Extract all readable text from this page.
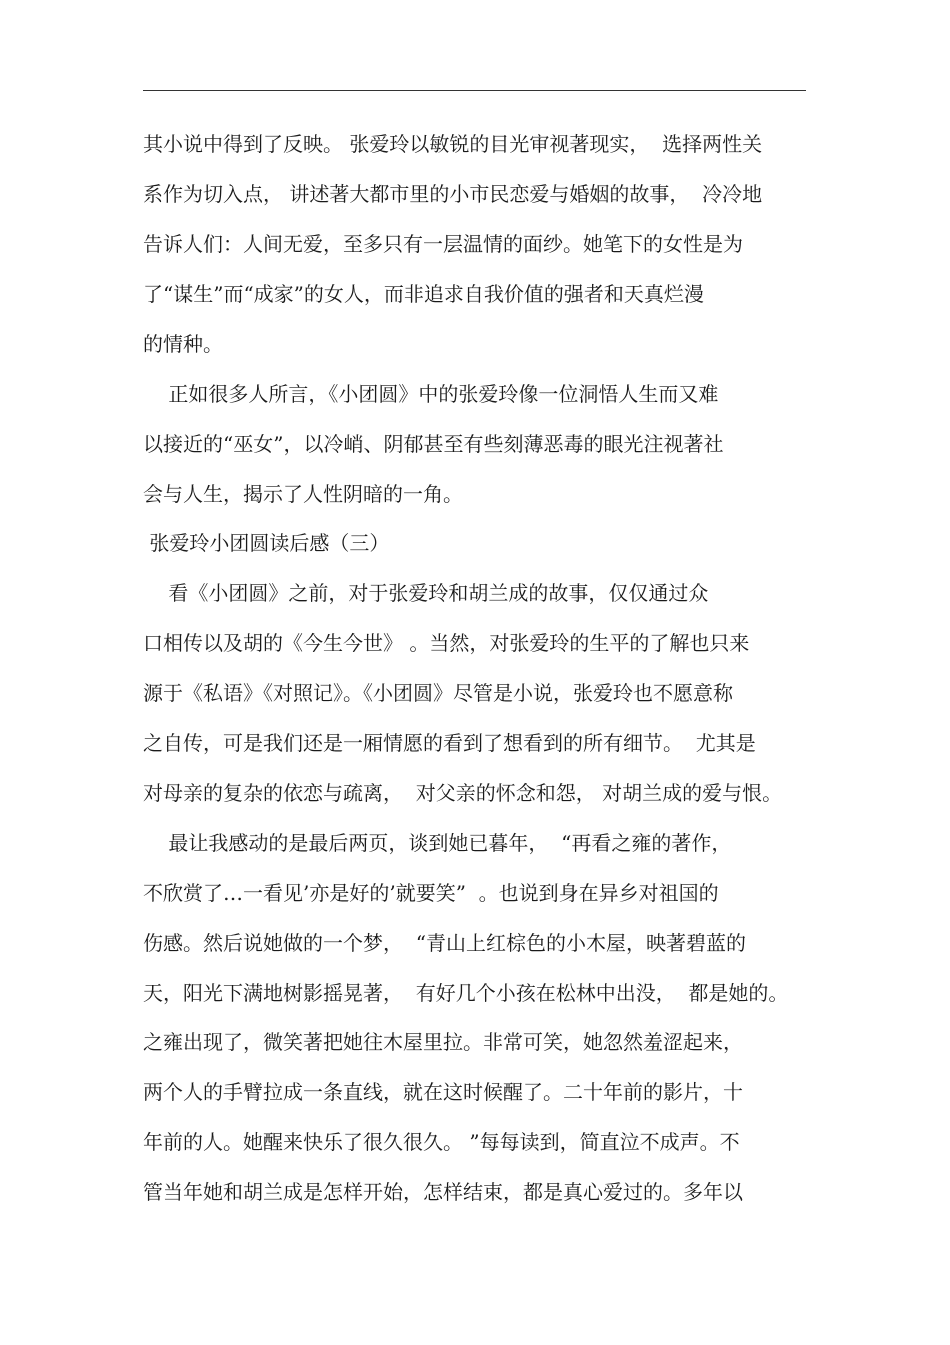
其小说中得到了反映。 张爱玲以敏锐的目光审视著现实，  选择两性关
系作为切入点， 讲述著大都市里的小市民恋爱与婚姻的故事，  冷冷地
告诉人们：人间无爱，至多只有一层温情的面纱。她笔下的女性是为
了“谋生”而“成家”的女人，而非追求自我价值的强者和天真烂漫
的情种。
正如很多人所言，《小团圆》中的张爱玲像一位洞悟人生而又难
以接近的“巫女”，以冷峭、阴郁甚至有些刻薄恶毒的眼光注视著社
会与人生，揭示了人性阴暗的一角。
张爱玲小团圆读后感（三）
看《小团圆》之前，对于张爱玲和胡兰成的故事，仅仅通过众
口相传以及胡的《今生今世》 。当然，对张爱玲的生平的了解也只来
源于《私语》《对照记》。《小团圆》尽管是小说，张爱玲也不愿意称
之自传，可是我们还是一厢情愿的看到了想看到的所有细节。  尤其是
对母亲的复杂的依恋与疏离，  对父亲的怀念和怨， 对胡兰成的爱与恨。
最让我感动的是最后两页，谈到她已暮年，  “再看之雍的著作，
不欣赏了…一看见’亦是好的’就要笑”  。也说到身在异乡对祖国的
伤感。然后说她做的一个梦，  “青山上红棕色的小木屋，映著碧蓝的
天，阳光下满地树影摇晃著，  有好几个小孩在松林中出没，  都是她的。
之雍出现了，微笑著把她往木屋里拉。非常可笑，她忽然羞涩起来，
两个人的手臂拉成一条直线，就在这时候醒了。二十年前的影片，十
年前的人。她醒来快乐了很久很久。 ”每每读到，简直泣不成声。不
管当年她和胡兰成是怎样开始，怎样结束，都是真心爱过的。多年以
